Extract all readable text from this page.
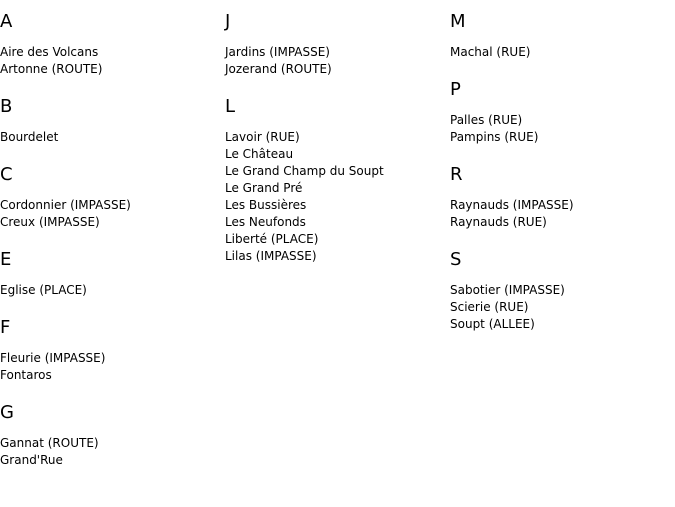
A
Aire des Volcans
Artonne (ROUTE)
B
Bourdelet
C
Cordonnier (IMPASSE)
Creux (IMPASSE)
E
Eglise (PLACE)
F
Fleurie (IMPASSE)
Fontaros
G
Gannat (ROUTE)
Grand'Rue
J
Jardins (IMPASSE)
Jozerand (ROUTE)
L
Lavoir (RUE)
Le Château
Le Grand Champ du Soupt
Le Grand Pré
Les Bussières
Les Neufonds
Liberté (PLACE)
Lilas (IMPASSE)
M
Machal (RUE)
P
Palles (RUE)
Pampins (RUE)
R
Raynauds (IMPASSE)
Raynauds (RUE)
S
Sabotier (IMPASSE)
Scierie (RUE)
Soupt (ALLEE)
